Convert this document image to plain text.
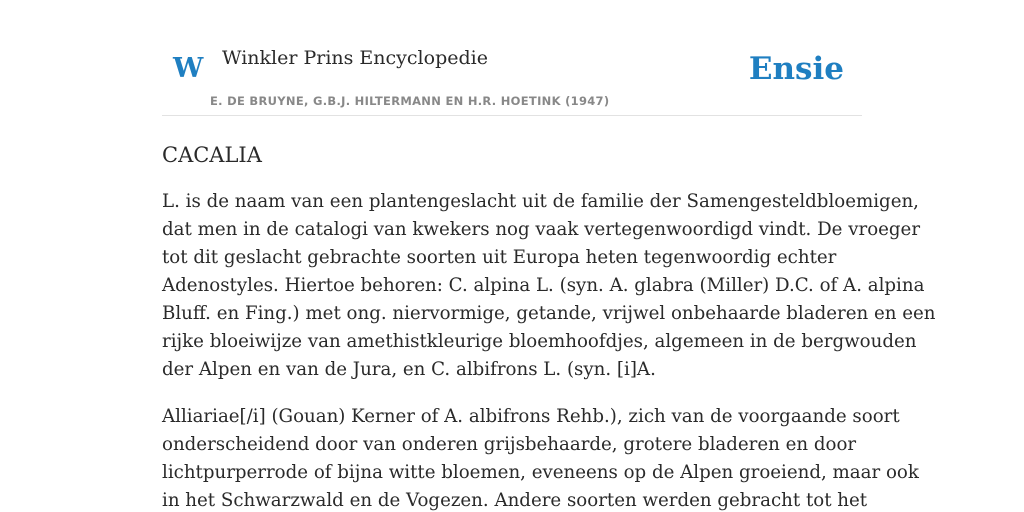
W Winkler Prins Encyclopedie
E. DE BRUYNE, G.B.J. HILTERMANN EN H.R. HOETINK (1947)
Ensie
CACALIA

L. is de naam van een plantengeslacht uit de familie der Samengesteldbloemigen,
dat men in de catalogi van kwekers nog vaak vertegenwoordigd vindt. De vroeger
tot dit geslacht gebrachte soorten uit Europa heten tegenwoordig echter
Adenostyles. Hiertoe behoren: C. alpina L. (syn. A. glabra (Miller) D.C. of A. alpina
Bluff. en Fing.) met ong. niervormige, getande, vrijwel onbehaarde bladeren en een
rijke bloeiwijze van amethistkleurige bloemhoofdjes, algemeen in de bergwouden
der Alpen en van de Jura, en C. albifrons L. (syn. [i]A.

Alliariae[/i] (Gouan) Kerner of A. albifrons Rehb.), zich van de voorgaande soort
onderscheidend door van onderen grijsbehaarde, grotere bladeren en door
lichtpurperrode of bijna witte bloemen, eveneens op de Alpen groeiend, maar ook
in het Schwarzwald en de Vogezen. Andere soorten werden gebracht tot het
